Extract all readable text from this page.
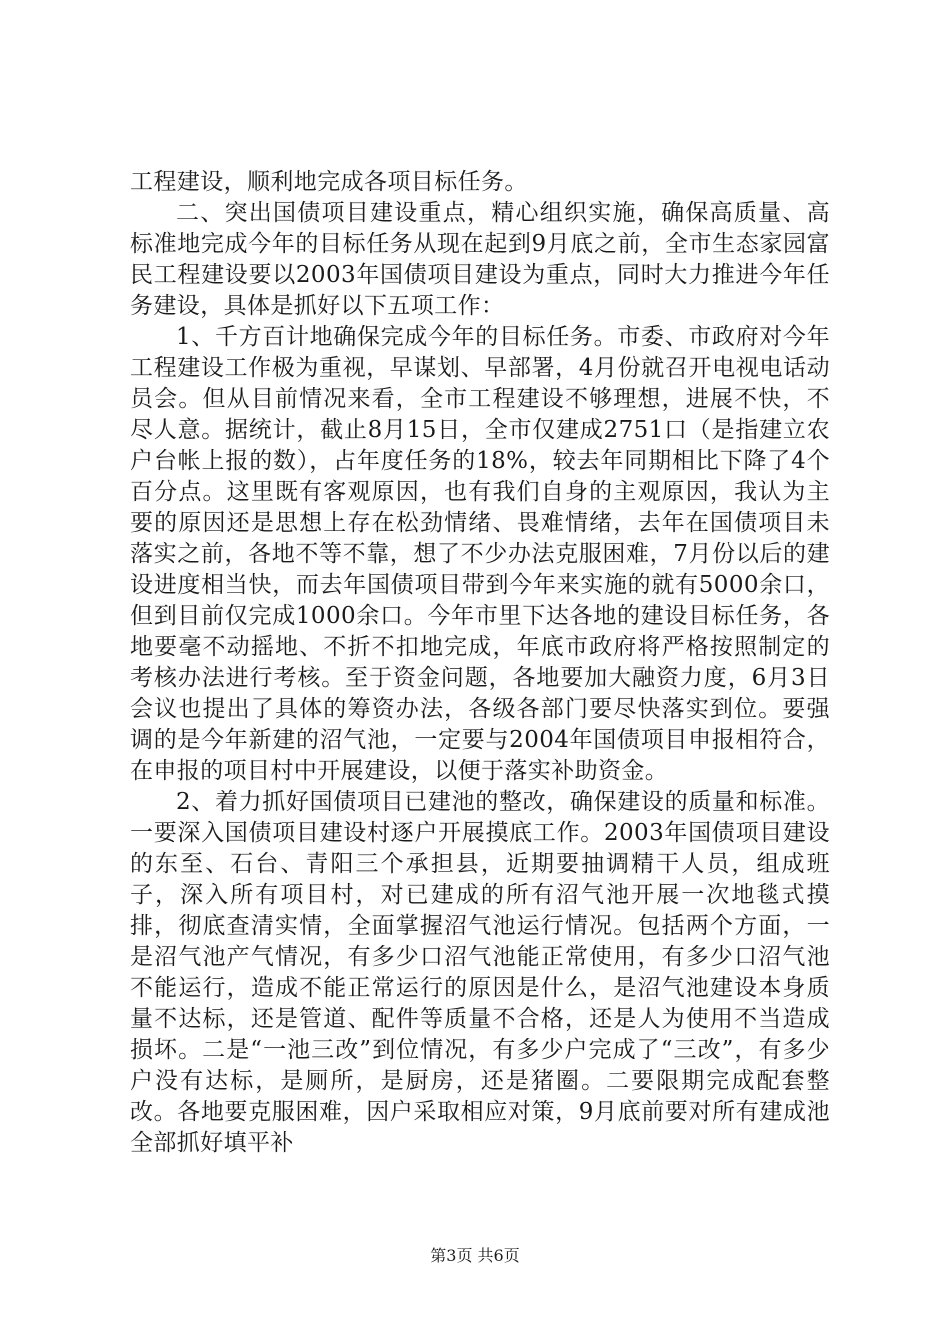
工程建设，顺利地完成各项目标任务。

二、突出国债项目建设重点，精心组织实施，确保高质量、高标准地完成今年的目标任务从现在起到9月底之前，全市生态家园富民工程建设要以2003年国债项目建设为重点，同时大力推进今年任务建设，具体是抓好以下五项工作：

1、千方百计地确保完成今年的目标任务。市委、市政府对今年工程建设工作极为重视，早谋划、早部署，4月份就召开电视电话动员会。但从目前情况来看，全市工程建设不够理想，进展不快，不尽人意。据统计，截止8月15日，全市仅建成2751口（是指建立农户台帐上报的数），占年度任务的18%，较去年同期相比下降了4个百分点。这里既有客观原因，也有我们自身的主观原因，我认为主要的原因还是思想上存在松劲情绪、畏难情绪，去年在国债项目未落实之前，各地不等不靠，想了不少办法克服困难，7月份以后的建设进度相当快，而去年国债项目带到今年来实施的就有5000余口，但到目前仅完成1000余口。今年市里下达各地的建设目标任务，各地要毫不动摇地、不折不扣地完成，年底市政府将严格按照制定的考核办法进行考核。至于资金问题，各地要加大融资力度，6月3日会议也提出了具体的筹资办法，各级各部门要尽快落实到位。要强调的是今年新建的沼气池，一定要与2004年国债项目申报相符合，在申报的项目村中开展建设，以便于落实补助资金。

2、着力抓好国债项目已建池的整改，确保建设的质量和标准。一要深入国债项目建设村逐户开展摸底工作。2003年国债项目建设的东至、石台、青阳三个承担县，近期要抽调精干人员，组成班子，深入所有项目村，对已建成的所有沼气池开展一次地毯式摸排，彻底查清实情，全面掌握沼气池运行情况。包括两个方面，一是沼气池产气情况，有多少口沼气池能正常使用，有多少口沼气池不能运行，造成不能正常运行的原因是什么，是沼气池建设本身质量不达标，还是管道、配件等质量不合格，还是人为使用不当造成损坏。二是“一池三改”到位情况，有多少户完成了“三改”，有多少户没有达标，是厕所，是厨房，还是猪圈。二要限期完成配套整改。各地要克服困难，因户采取相应对策，9月底前要对所有建成池全部抓好填平补

第3页 共6页
